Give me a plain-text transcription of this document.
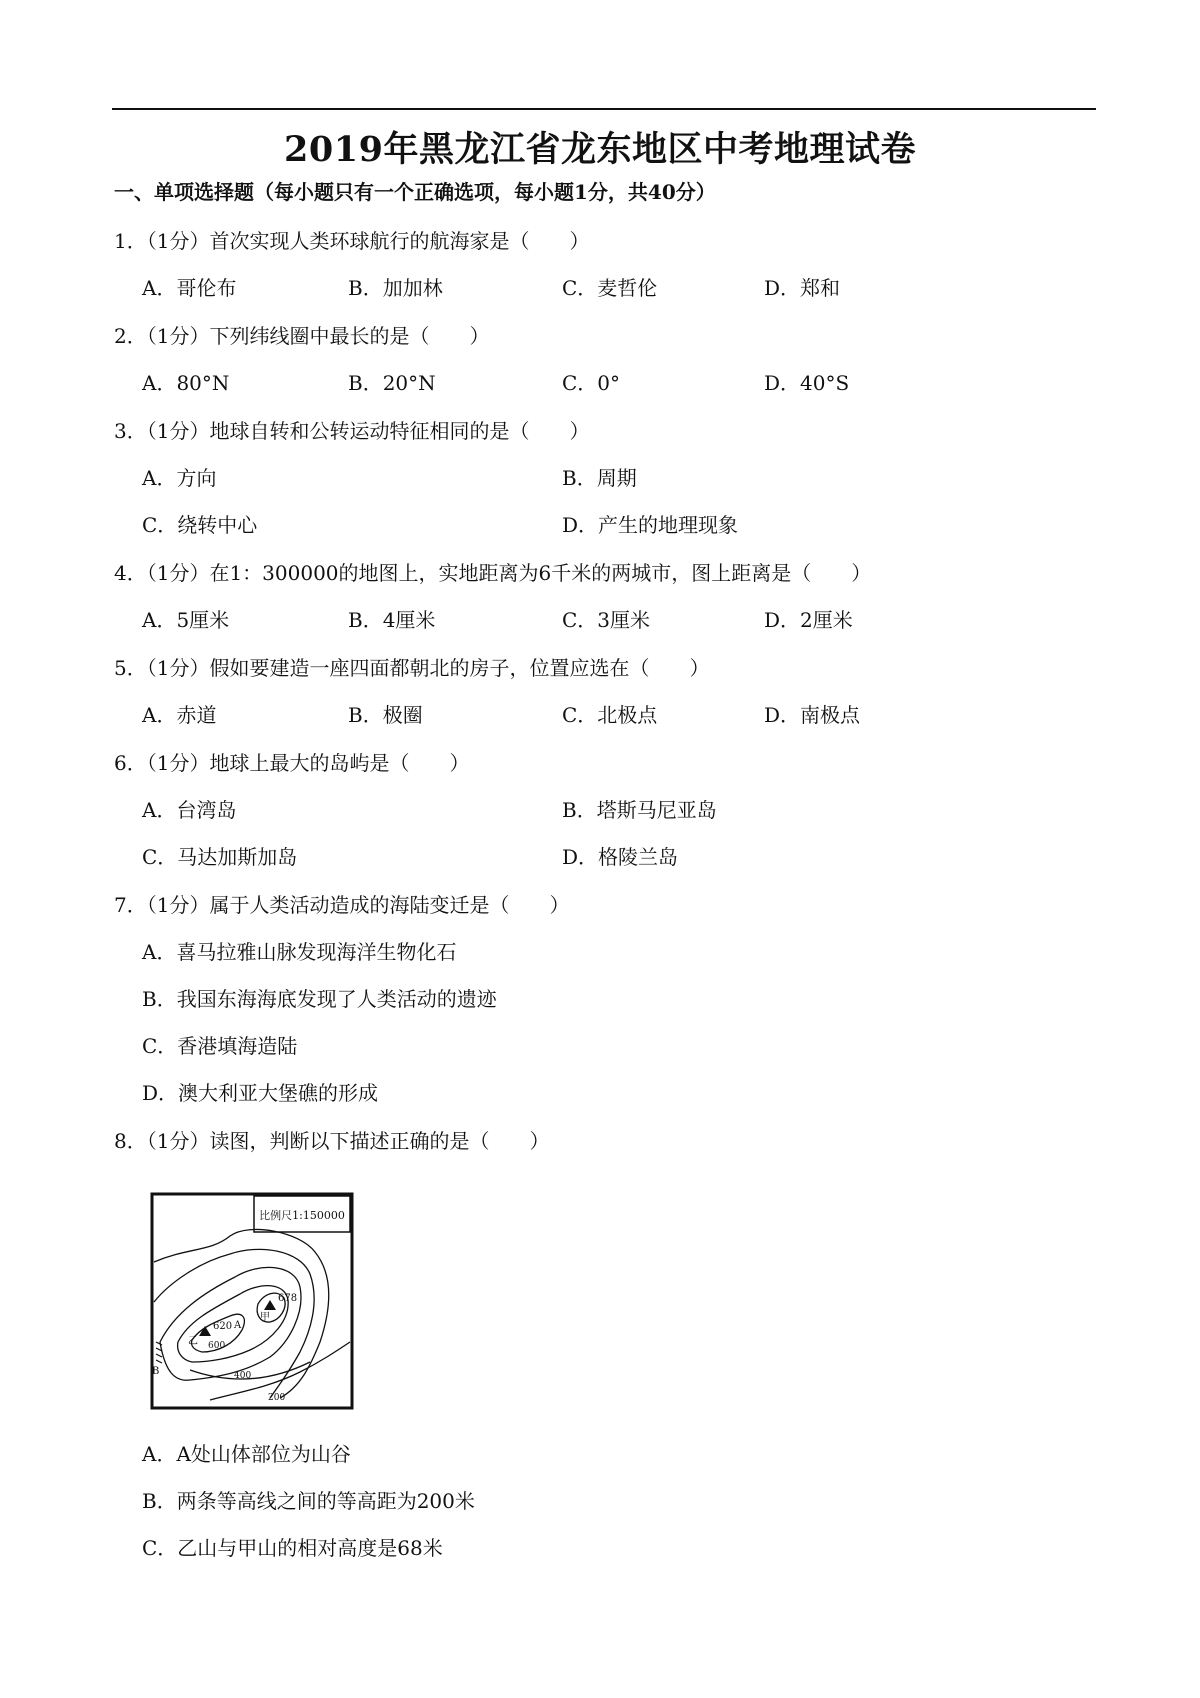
2019年黑龙江省龙东地区中考地理试卷
一、单项选择题（每小题只有一个正确选项，每小题1分，共40分）
1．（1分）首次实现人类环球航行的航海家是（　　）
A．哥伦布	B．加加林	C．麦哲伦	D．郑和
2．（1分）下列纬线圈中最长的是（　　）
A．80°N	B．20°N	C．0°	D．40°S
3．（1分）地球自转和公转运动特征相同的是（　　）
A．方向	B．周期
C．绕转中心	D．产生的地理现象
4．（1分）在1：300000的地图上，实地距离为6千米的两城市，图上距离是（　　）
A．5厘米	B．4厘米	C．3厘米	D．2厘米
5．（1分）假如要建造一座四面都朝北的房子，位置应选在（　　）
A．赤道	B．极圈	C．北极点	D．南极点
6．（1分）地球上最大的岛屿是（　　）
A．台湾岛	B．塔斯马尼亚岛
C．马达加斯加岛	D．格陵兰岛
7．（1分）属于人类活动造成的海陆变迁是（　　）
A．喜马拉雅山脉发现海洋生物化石
B．我国东海海底发现了人类活动的遗迹
C．香港填海造陆
D．澳大利亚大堡礁的形成
8．（1分）读图，判断以下描述正确的是（　　）
比例尺1:150000
678
甲
620
乙
A
B
600
400
200
A．A处山体部位为山谷
B．两条等高线之间的等高距为200米
C．乙山与甲山的相对高度是68米
